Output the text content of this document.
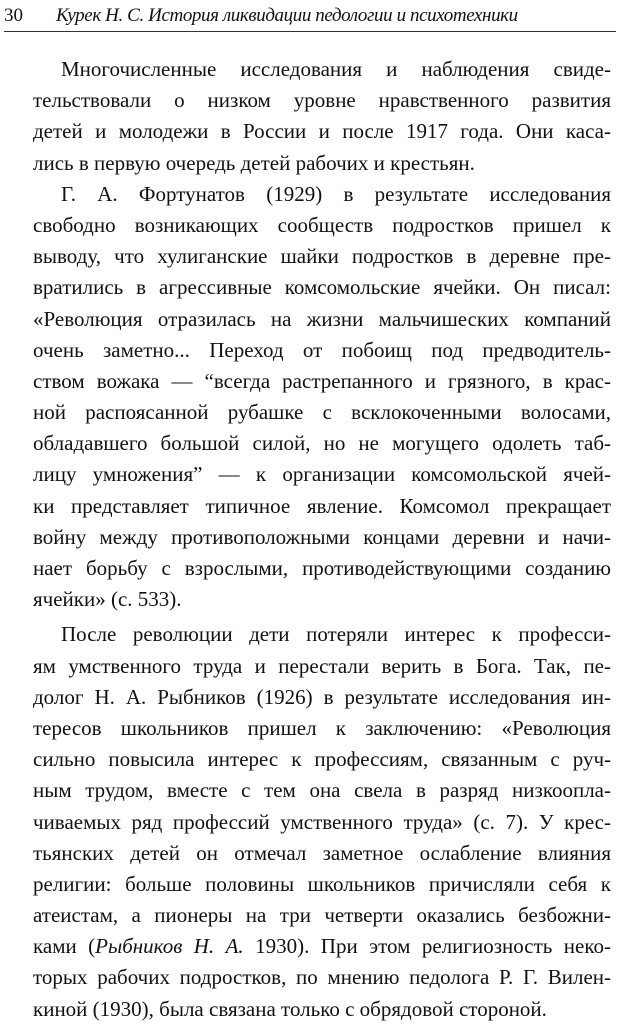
30 Курек Н. С. История ликвидации педологии и психотехники
Многочисленные исследования и наблюдения свиде-
тельствовали о низком уровне нравственного развития
детей и молодежи в России и после 1917 года. Они каса-
лись в первую очередь детей рабочих и крестьян.
Г. А. Фортунатов (1929) в результате исследования
свободно возникающих сообществ подростков пришел к
выводу, что хулиганские шайки подростков в деревне пре-
вратились в агрессивные комсомольские ячейки. Он писал:
«Революция отразилась на жизни мальчишеских компаний
очень заметно... Переход от побоищ под предводитель-
ством вожака — “всегда растрепанного и грязного, в крас-
ной распоясанной рубашке с всклокоченными волосами,
обладавшего большой силой, но не могущего одолеть таб-
лицу умножения” — к организации комсомольской ячей-
ки представляет типичное явление. Комсомол прекращает
войну между противоположными концами деревни и начи-
нает борьбу с взрослыми, противодействующими созданию
ячейки» (с. 533).
После революции дети потеряли интерес к професси-
ям умственного труда и перестали верить в Бога. Так, пе-
долог Н. А. Рыбников (1926) в результате исследования ин-
тересов школьников пришел к заключению: «Революция
сильно повысила интерес к профессиям, связанным с руч-
ным трудом, вместе с тем она свела в разряд низкоопла-
чиваемых ряд профессий умственного труда» (с. 7). У крес-
тьянских детей он отмечал заметное ослабление влияния
религии: больше половины школьников причисляли себя к
атеистам, а пионеры на три четверти оказались безбожни-
ками (Рыбников Н. А. 1930). При этом религиозность неко-
торых рабочих подростков, по мнению педолога Р. Г. Вилен-
киной (1930), была связана только с обрядовой стороной.
